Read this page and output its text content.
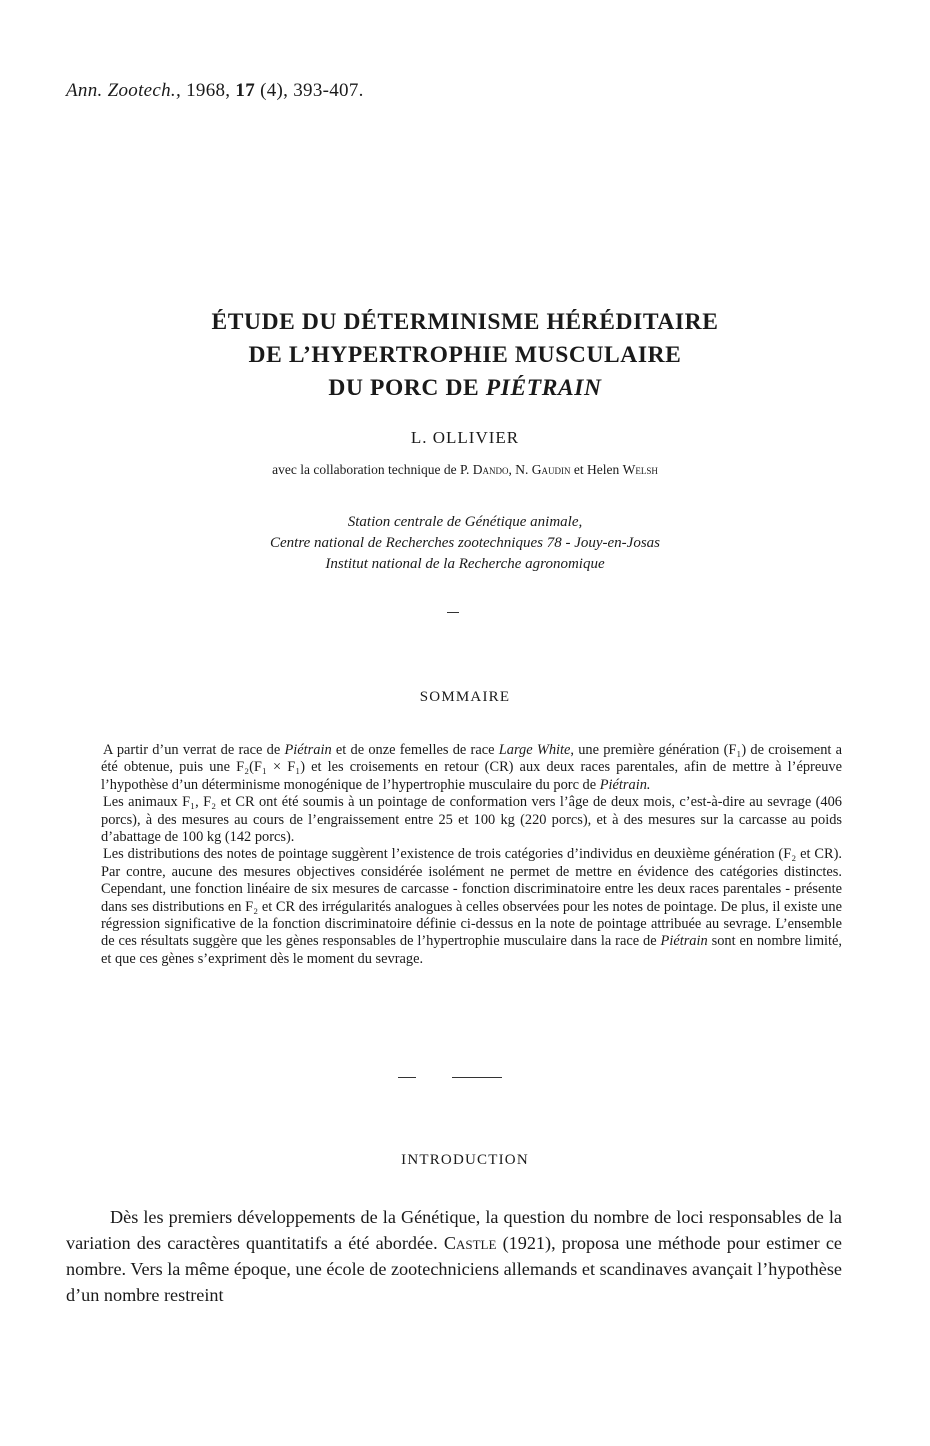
Ann. Zootech., 1968, 17 (4), 393-407.
ÉTUDE DU DÉTERMINISME HÉRÉDITAIRE
DE L’HYPERTROPHIE MUSCULAIRE
DU PORC DE PIÉTRAIN
L. OLLIVIER
avec la collaboration technique de P. Dando, N. Gaudin et Helen Welsh
Station centrale de Génétique animale,
Centre national de Recherches zootechniques 78 - Jouy-en-Josas
Institut national de la Recherche agronomique
SOMMAIRE

A partir d’un verrat de race de Piétrain et de onze femelles de race Large White, une première génération (F₁) de croisement a été obtenue, puis une F₂(F₁ × F₁) et les croisements en retour (CR) aux deux races parentales, afin de mettre à l’épreuve l’hypothèse d’un déterminisme monogénique de l’hypertrophie musculaire du porc de Piétrain.

Les animaux F₁, F₂ et CR ont été soumis à un pointage de conformation vers l’âge de deux mois, c’est-à-dire au sevrage (406 porcs), à des mesures au cours de l’engraissement entre 25 et 100 kg (220 porcs), et à des mesures sur la carcasse au poids d’abattage de 100 kg (142 porcs).

Les distributions des notes de pointage suggèrent l’existence de trois catégories d’individus en deuxième génération (F₂ et CR). Par contre, aucune des mesures objectives considérée isolément ne permet de mettre en évidence des catégories distinctes. Cependant, une fonction linéaire de six mesures de carcasse - fonction discriminatoire entre les deux races parentales - présente dans ses distributions en F₂ et CR des irrégularités analogues à celles observées pour les notes de pointage. De plus, il existe une régression significative de la fonction discriminatoire définie ci-dessus en la note de pointage attribuée au sevrage. L’ensemble de ces résultats suggère que les gènes responsables de l’hypertrophie musculaire dans la race de Piétrain sont en nombre limité, et que ces gènes s’expriment dès le moment du sevrage.

INTRODUCTION

Dès les premiers développements de la Génétique, la question du nombre de loci responsables de la variation des caractères quantitatifs a été abordée. Castle (1921), proposa une méthode pour estimer ce nombre. Vers la même époque, une école de zootechniciens allemands et scandinaves avançait l’hypothèse d’un nombre restreint
